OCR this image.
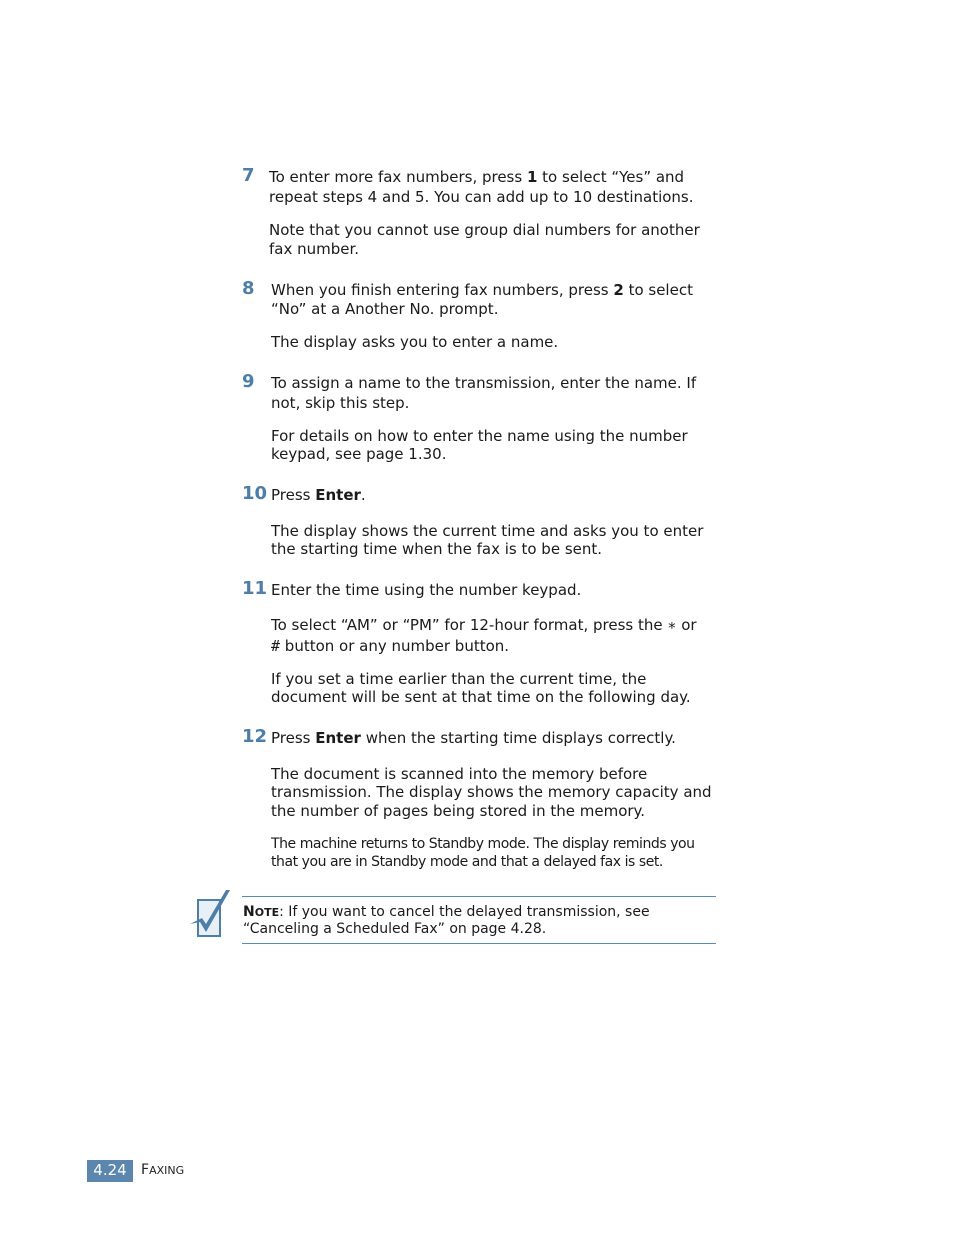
7 To enter more fax numbers, press 1 to select “Yes” and
repeat steps 4 and 5. You can add up to 10 destinations.
Note that you cannot use group dial numbers for another
fax number.
8 When you finish entering fax numbers, press 2 to select
“No” at a Another No. prompt.
The display asks you to enter a name.
9 To assign a name to the transmission, enter the name. If
not, skip this step.
For details on how to enter the name using the number
keypad, see page 1.30.
10 Press Enter.
The display shows the current time and asks you to enter
the starting time when the fax is to be sent.
11 Enter the time using the number keypad.
To select “AM” or “PM” for 12-hour format, press the ∗ or
# button or any number button.
If you set a time earlier than the current time, the
document will be sent at that time on the following day.
12 Press Enter when the starting time displays correctly.
The document is scanned into the memory before
transmission. The display shows the memory capacity and
the number of pages being stored in the memory.
The machine returns to Standby mode. The display reminds you
that you are in Standby mode and that a delayed fax is set.
NOTE: If you want to cancel the delayed transmission, see
“Canceling a Scheduled Fax” on page 4.28.
4.24	FAXING
